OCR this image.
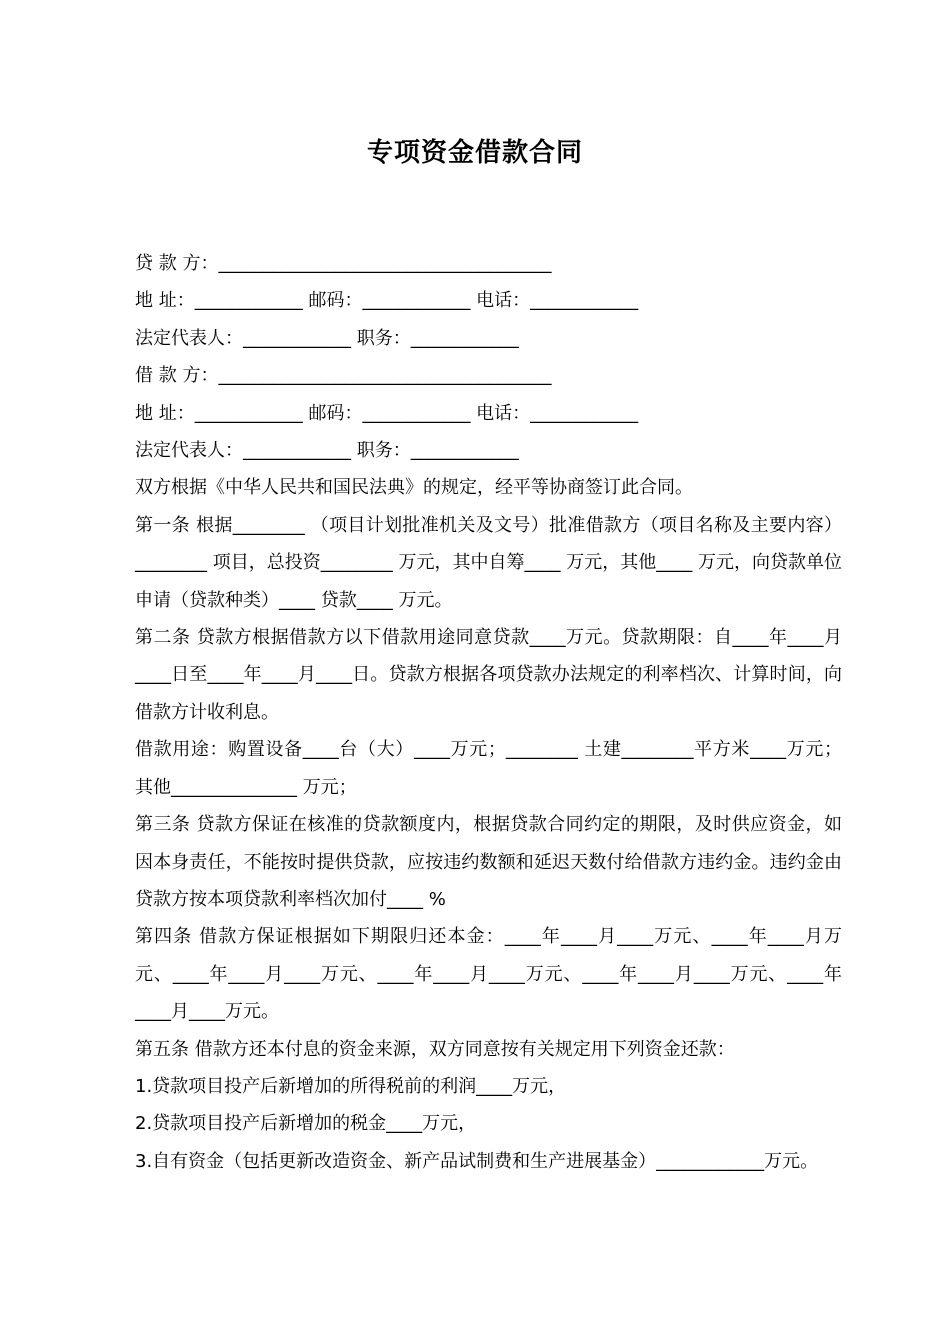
专项资金借款合同

贷 款 方：_____________________________________

地 址：____________ 邮码：____________ 电话：____________

法定代表人：____________ 职务：____________

借 款 方：_____________________________________

地 址：____________ 邮码：____________ 电话：____________

法定代表人：____________ 职务：____________

双方根据《中华人民共和国民法典》的规定，经平等协商签订此合同。

第一条 根据________ （项目计划批准机关及文号）批准借款方（项目名称及主要内容）________ 项目，总投资________ 万元，其中自筹____ 万元，其他____ 万元，向贷款单位申请（贷款种类）____ 贷款____ 万元。

第二条 贷款方根据借款方以下借款用途同意贷款____万元。贷款期限：自____年____月____日至____年____月____日。贷款方根据各项贷款办法规定的利率档次、计算时间，向借款方计收利息。

借款用途：购置设备____台（大）____万元；________ 土建________平方米____万元；其他______________ 万元；

第三条 贷款方保证在核准的贷款额度内，根据贷款合同约定的期限，及时供应资金，如因本身责任，不能按时提供贷款，应按违约数额和延迟天数付给借款方违约金。违约金由贷款方按本项贷款利率档次加付____ %

第四条 借款方保证根据如下期限归还本金：____年____月____万元、____年____月万元、____年____月____万元、____年____月____万元、____年____月____万元、____年____月____万元。

第五条 借款方还本付息的资金来源，双方同意按有关规定用下列资金还款：

1.贷款项目投产后新增加的所得税前的利润____万元，

2.贷款项目投产后新增加的税金____万元，

3.自有资金（包括更新改造资金、新产品试制费和生产进展基金）____________万元。
